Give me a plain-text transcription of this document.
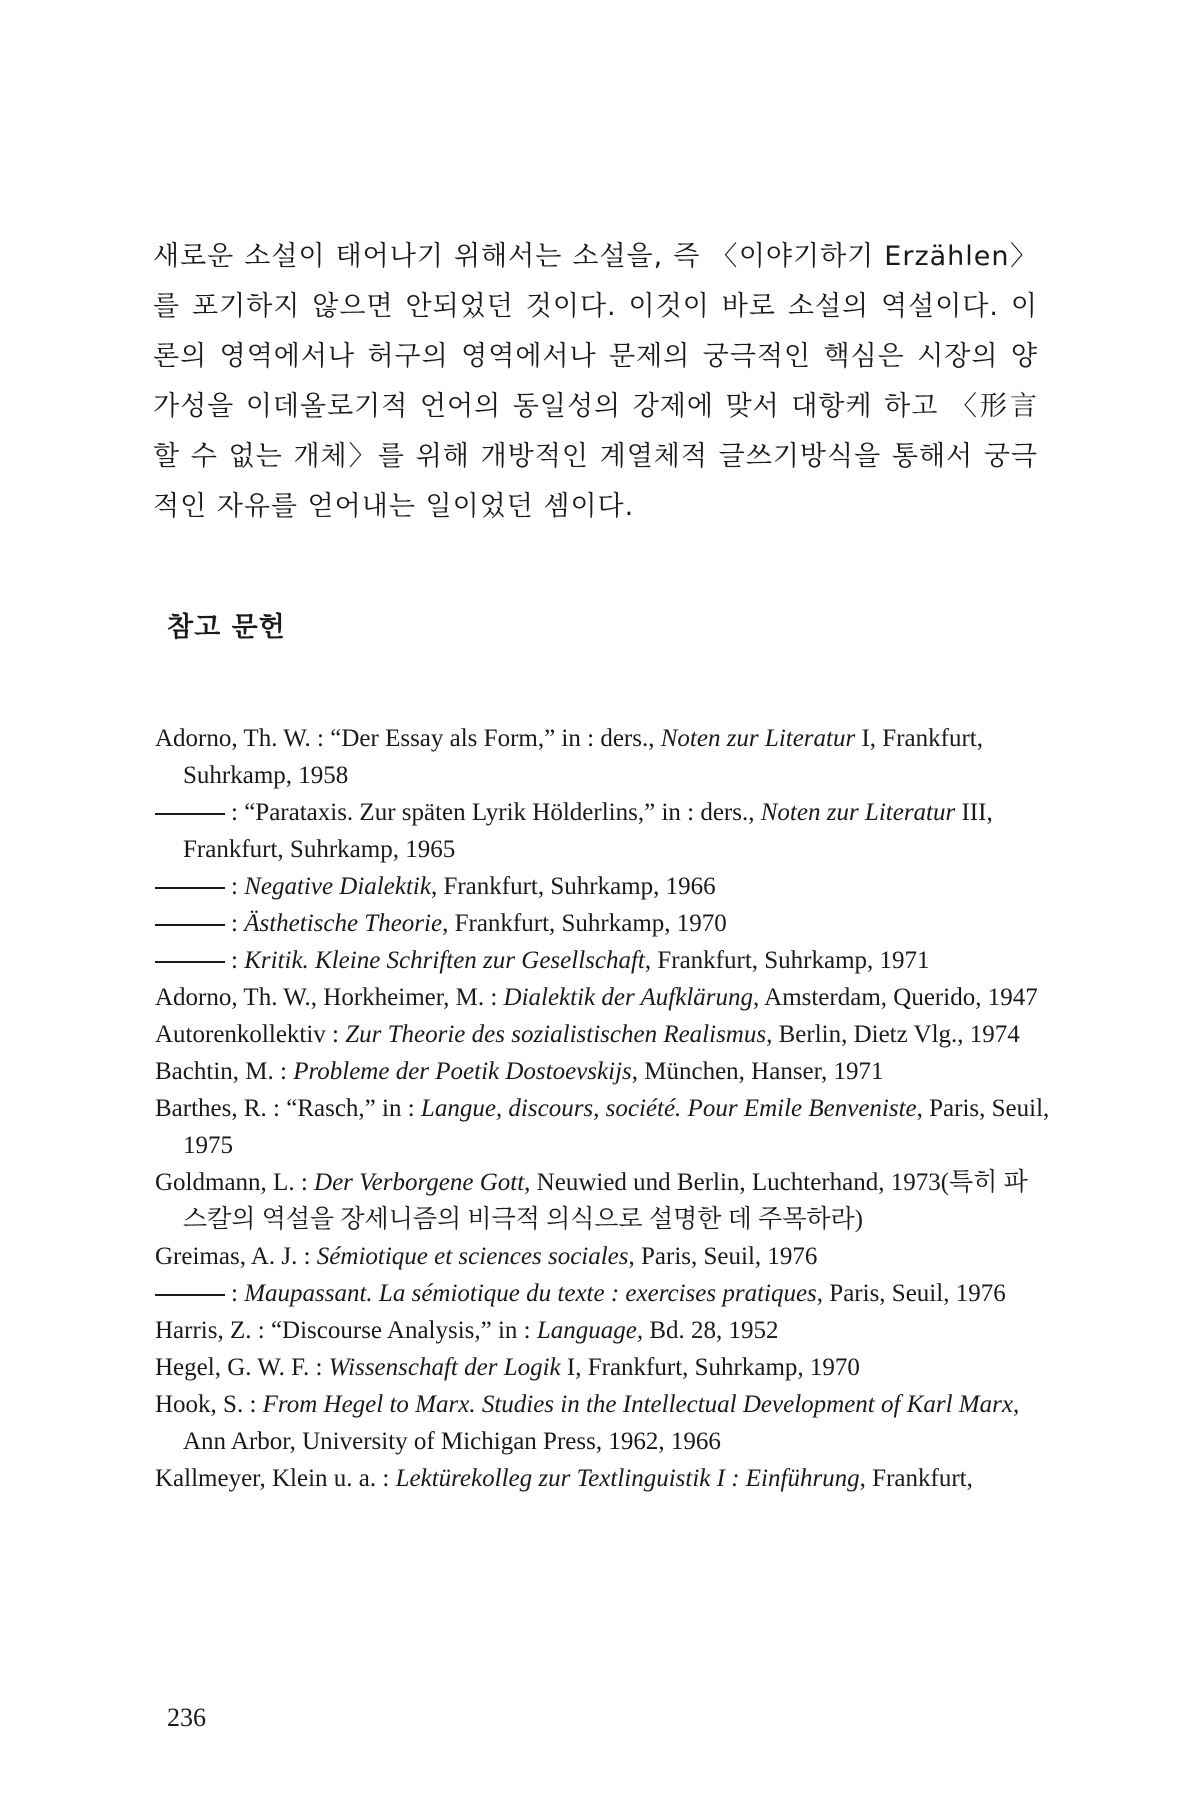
새로운 소설이 태어나기 위해서는 소설을, 즉 〈이야기하기 Erzählen〉를 포기하지 않으면 안되었던 것이다. 이것이 바로 소설의 역설이다. 이론의 영역에서나 허구의 영역에서나 문제의 궁극적인 핵심은 시장의 양가성을 이데올로기적 언어의 동일성의 강제에 맞서 대항케 하고 〈形言할 수 없는 개체〉를 위해 개방적인 계열체적 글쓰기방식을 통해서 궁극적인 자유를 얻어내는 일이었던 셈이다.

참고 문헌
Adorno, Th. W. : “Der Essay als Form,” in : ders., Noten zur Literatur I, Frankfurt, Suhrkamp, 1958
: “Parataxis. Zur späten Lyrik Hölderlins,” in : ders., Noten zur Literatur III, Frankfurt, Suhrkamp, 1965
: Negative Dialektik, Frankfurt, Suhrkamp, 1966
: Ästhetische Theorie, Frankfurt, Suhrkamp, 1970
: Kritik. Kleine Schriften zur Gesellschaft, Frankfurt, Suhrkamp, 1971
Adorno, Th. W., Horkheimer, M. : Dialektik der Aufklärung, Amsterdam, Querido, 1947
Autorenkollektiv : Zur Theorie des sozialistischen Realismus, Berlin, Dietz Vlg., 1974
Bachtin, M. : Probleme der Poetik Dostoevskijs, München, Hanser, 1971
Barthes, R. : “Rasch,” in : Langue, discours, société. Pour Emile Benveniste, Paris, Seuil, 1975
Goldmann, L. : Der Verborgene Gott, Neuwied und Berlin, Luchterhand, 1973(특히 파스칼의 역설을 장세니즘의 비극적 의식으로 설명한 데 주목하라)
Greimas, A. J. : Sémiotique et sciences sociales, Paris, Seuil, 1976
: Maupassant. La sémiotique du texte : exercises pratiques, Paris, Seuil, 1976
Harris, Z. : “Discourse Analysis,” in : Language, Bd. 28, 1952
Hegel, G. W. F. : Wissenschaft der Logik I, Frankfurt, Suhrkamp, 1970
Hook, S. : From Hegel to Marx. Studies in the Intellectual Development of Karl Marx, Ann Arbor, University of Michigan Press, 1962, 1966
Kallmeyer, Klein u. a. : Lektürekolleg zur Textlinguistik I : Einführung, Frankfurt,

236
